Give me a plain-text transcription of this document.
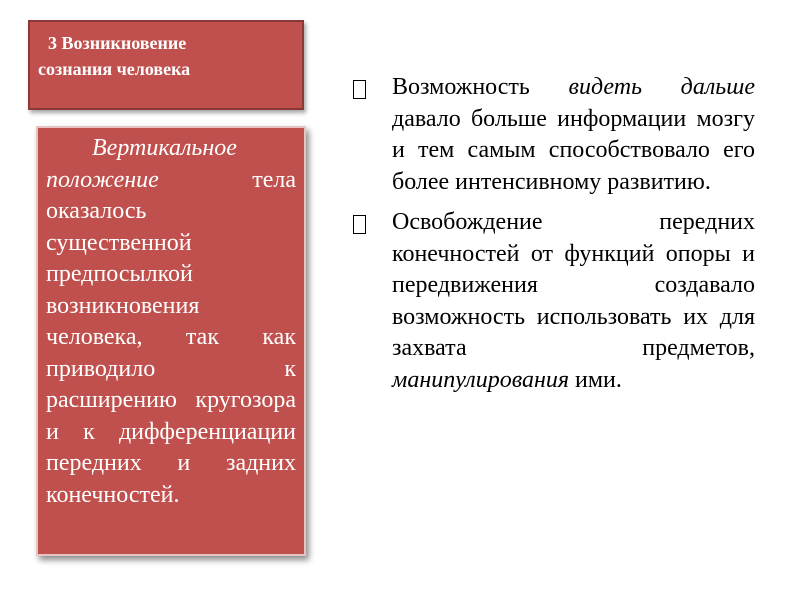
3 Возникновение
сознания человека

Вертикальное положение тела оказалось существенной предпосылкой возникновения человека, так как приводило к расширению кругозора и к дифференциации передних и задних конечностей.

Возможность видеть дальше давало больше информации мозгу и тем самым способствовало его более интенсивному развитию.
Освобождение передних конечностей от функций опоры и передвижения создавало возможность использовать их для захвата предметов, манипулирования ими.
